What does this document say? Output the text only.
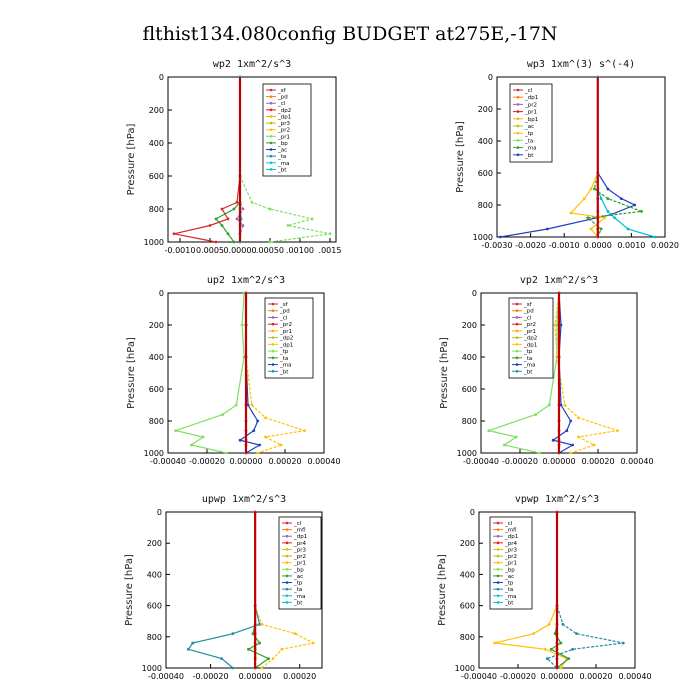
flthist134.080config BUDGET at275E,-17N
wp2 1xm^2/s^3
Pressure [hPa]
0
200
400
600
800
1000
-0.0010 0.0005 0.00000 .00050 .00100 .0015
_sf
_pd
_cl
_dp2
_dp1
_pr3
_pr2
_pr1
_bp
_ac
_ta
_ma
_bt
wp3 1xm^(3) s^(-4)
Pressure [hPa]
0
200
400
600
800
1000
-0.0030 -0.0020 -0.0010 0.0000 0.0010 0.0020
_cl
_dp1
_pr2
_pr1
_bp1
_ac
_tp
_ta
_ma
_bt
up2 1xm^2/s^3
Pressure [hPa]
0
200
400
600
800
1000
-0.00040 -0.00020 0.00000 0.00020 0.00040
_sf
_pd
_cl
_pr2
_pr1
_dp2
_dp1
_tp
_ta
_ma
_bt
vp2 1xm^2/s^3
Pressure [hPa]
0
200
400
600
800
1000
-0.00040 -0.00020 0.00000 0.00020 0.00040
_sf
_pd
_cl
_pr2
_pr1
_dp2
_dp1
_tp
_ta
_ma
_bt
upwp 1xm^2/s^3
Pressure [hPa]
0
200
400
600
800
1000
-0.00040 -0.00020 0.00000 0.00020
_cl
_mfl
_dp1
_pr4
_pr3
_pr2
_pr1
_bp
_ac
_tp
_ta
_ma
_bt
vpwp 1xm^2/s^3
Pressure [hPa]
0
200
400
600
800
1000
-0.00040 -0.00020 0.00000 0.00020 0.00040
_cl
_mfl
_dp1
_pr4
_pr3
_pr2
_pr1
_bp
_ac
_tp
_ta
_ma
_bt
